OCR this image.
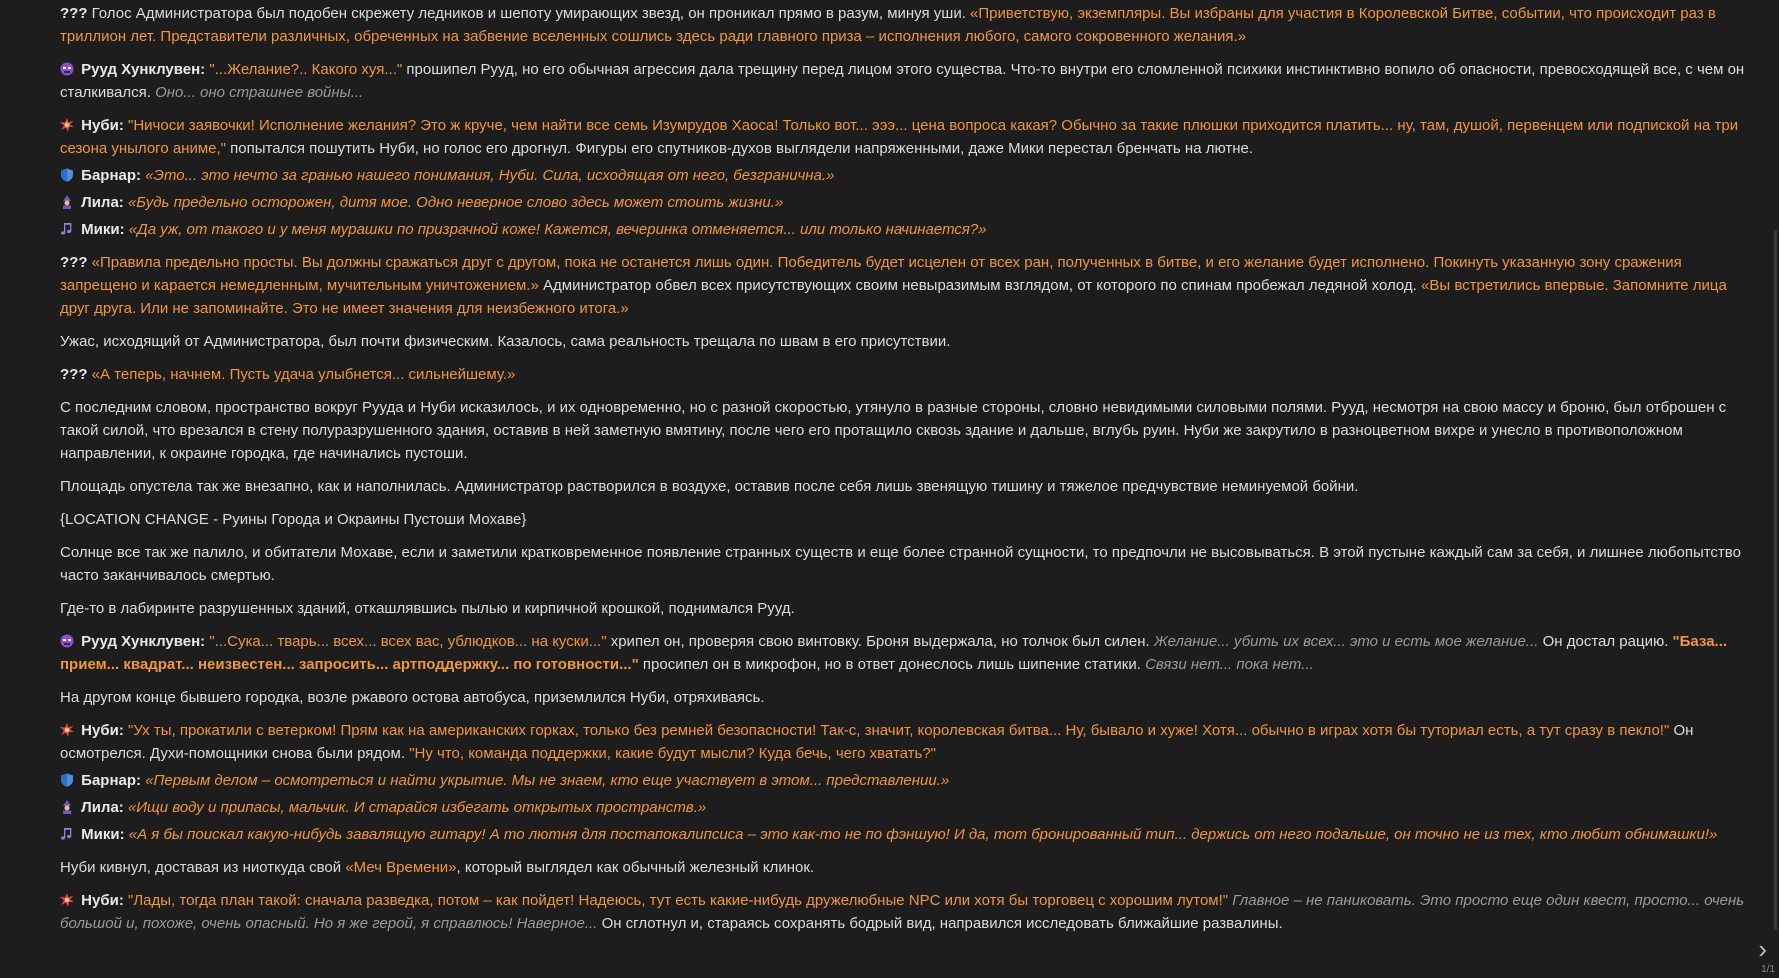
??? Голос Администратора был подобен скрежету ледников и шепоту умирающих звезд, он проникал прямо в разум, минуя уши. «Приветствую, экземпляры. Вы избраны для участия в Королевской Битве, событии, что происходит раз в триллион лет. Представители различных, обреченных на забвение вселенных сошлись здесь ради главного приза – исполнения любого, самого сокровенного желания.»

Рууд Хунклувен: "...Желание?.. Какого хуя..." прошипел Рууд, но его обычная агрессия дала трещину перед лицом этого существа. Что-то внутри его сломленной психики инстинктивно вопило об опасности, превосходящей все, с чем он сталкивался. Оно... оно страшнее войны...

Нуби: "Ничоси заявочки! Исполнение желания? Это ж круче, чем найти все семь Изумрудов Хаоса! Только вот... эээ... цена вопроса какая? Обычно за такие плюшки приходится платить... ну, там, душой, первенцем или подпиской на три сезона унылого аниме," попытался пошутить Нуби, но голос его дрогнул. Фигуры его спутников-духов выглядели напряженными, даже Мики перестал бренчать на лютне.

Барнар: «Это... это нечто за гранью нашего понимания, Нуби. Сила, исходящая от него, безгранична.»

Лила: «Будь предельно осторожен, дитя мое. Одно неверное слово здесь может стоить жизни.»

Мики: «Да уж, от такого и у меня мурашки по призрачной коже! Кажется, вечеринка отменяется... или только начинается?»

??? «Правила предельно просты. Вы должны сражаться друг с другом, пока не останется лишь один. Победитель будет исцелен от всех ран, полученных в битве, и его желание будет исполнено. Покинуть указанную зону сражения запрещено и карается немедленным, мучительным уничтожением.» Администратор обвел всех присутствующих своим невыразимым взглядом, от которого по спинам пробежал ледяной холод. «Вы встретились впервые. Запомните лица друг друга. Или не запоминайте. Это не имеет значения для неизбежного итога.»

Ужас, исходящий от Администратора, был почти физическим. Казалось, сама реальность трещала по швам в его присутствии.

??? «А теперь, начнем. Пусть удача улыбнется... сильнейшему.»

С последним словом, пространство вокруг Рууда и Нуби исказилось, и их одновременно, но с разной скоростью, утянуло в разные стороны, словно невидимыми силовыми полями. Рууд, несмотря на свою массу и броню, был отброшен с такой силой, что врезался в стену полуразрушенного здания, оставив в ней заметную вмятину, после чего его протащило сквозь здание и дальше, вглубь руин. Нуби же закрутило в разноцветном вихре и унесло в противоположном направлении, к окраине городка, где начинались пустоши.

Площадь опустела так же внезапно, как и наполнилась. Администратор растворился в воздухе, оставив после себя лишь звенящую тишину и тяжелое предчувствие неминуемой бойни.

{LOCATION CHANGE - Руины Города и Окраины Пустоши Мохаве}

Солнце все так же палило, и обитатели Мохаве, если и заметили кратковременное появление странных существ и еще более странной сущности, то предпочли не высовываться. В этой пустыне каждый сам за себя, и лишнее любопытство часто заканчивалось смертью.

Где-то в лабиринте разрушенных зданий, откашлявшись пылью и кирпичной крошкой, поднимался Рууд.

Рууд Хунклувен: "...Сука... тварь... всех... всех вас, ублюдков... на куски..." хрипел он, проверяя свою винтовку. Броня выдержала, но толчок был силен. Желание... убить их всех... это и есть мое желание... Он достал рацию. "База... прием... квадрат... неизвестен... запросить... артподдержку... по готовности..." просипел он в микрофон, но в ответ донеслось лишь шипение статики. Связи нет... пока нет...

На другом конце бывшего городка, возле ржавого остова автобуса, приземлился Нуби, отряхиваясь.

Нуби: "Ух ты, прокатили с ветерком! Прям как на американских горках, только без ремней безопасности! Так-с, значит, королевская битва... Ну, бывало и хуже! Хотя... обычно в играх хотя бы туториал есть, а тут сразу в пекло!" Он осмотрелся. Духи-помощники снова были рядом. "Ну что, команда поддержки, какие будут мысли? Куда бечь, чего хватать?"

Барнар: «Первым делом – осмотреться и найти укрытие. Мы не знаем, кто еще участвует в этом... представлении.»

Лила: «Ищи воду и припасы, мальчик. И старайся избегать открытых пространств.»

Мики: «А я бы поискал какую-нибудь завалящую гитару! А то лютня для постапокалипсиса – это как-то не по фэншую! И да, тот бронированный тип... держись от него подальше, он точно не из тех, кто любит обнимашки!»

Нуби кивнул, доставая из ниоткуда свой «Меч Времени», который выглядел как обычный железный клинок.

Нуби: "Лады, тогда план такой: сначала разведка, потом – как пойдет! Надеюсь, тут есть какие-нибудь дружелюбные NPC или хотя бы торговец с хорошим лутом!" Главное – не паниковать. Это просто еще один квест, просто... очень большой и, похоже, очень опасный. Но я же герой, я справлюсь! Наверное... Он сглотнул и, стараясь сохранять бодрый вид, направился исследовать ближайшие развалины.

›
1/1
